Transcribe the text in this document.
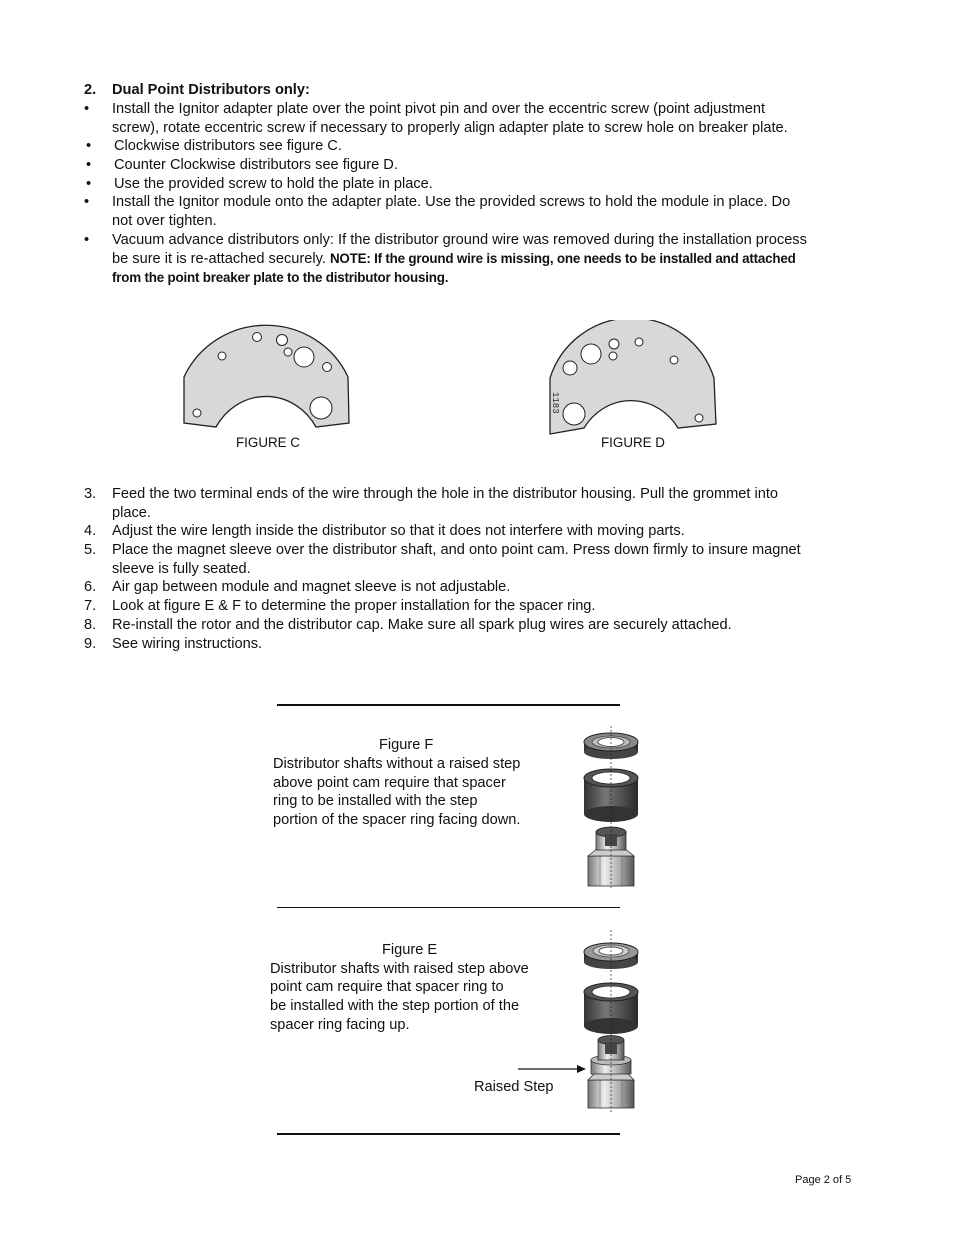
2. Dual Point Distributors only:
• Install the Ignitor adapter plate over the point pivot pin and over the eccentric screw (point adjustment
screw), rotate eccentric screw if necessary to properly align adapter plate to screw hole on breaker plate.
• Clockwise distributors see figure C.
• Counter Clockwise distributors see figure D.
• Use the provided screw to hold the plate in place.
• Install the Ignitor module onto the adapter plate. Use the provided screws to hold the module in place. Do
not over tighten.
• Vacuum advance distributors only: If the distributor ground wire was removed during the installation process
be sure it is re-attached securely. NOTE: If the ground wire is missing, one needs to be installed and attached
from the point breaker plate to the distributor housing.
FIGURE C
1183
FIGURE D
3. Feed the two terminal ends of the wire through the hole in the distributor housing. Pull the grommet into
place.
4. Adjust the wire length inside the distributor so that it does not interfere with moving parts.
5. Place the magnet sleeve over the distributor shaft, and onto point cam. Press down firmly to insure magnet
sleeve is fully seated.
6. Air gap between module and magnet sleeve is not adjustable.
7. Look at figure E & F to determine the proper installation for the spacer ring.
8. Re-install the rotor and the distributor cap. Make sure all spark plug wires are securely attached.
9. See wiring instructions.
Figure F
Distributor shafts without a raised step
above point cam require that spacer
ring to be installed with the step
portion of the spacer ring facing down.
Figure E
Distributor shafts with raised step above
point cam require that spacer ring to
be installed with the step portion of the
spacer ring facing up.
Raised Step
Page 2 of 5
